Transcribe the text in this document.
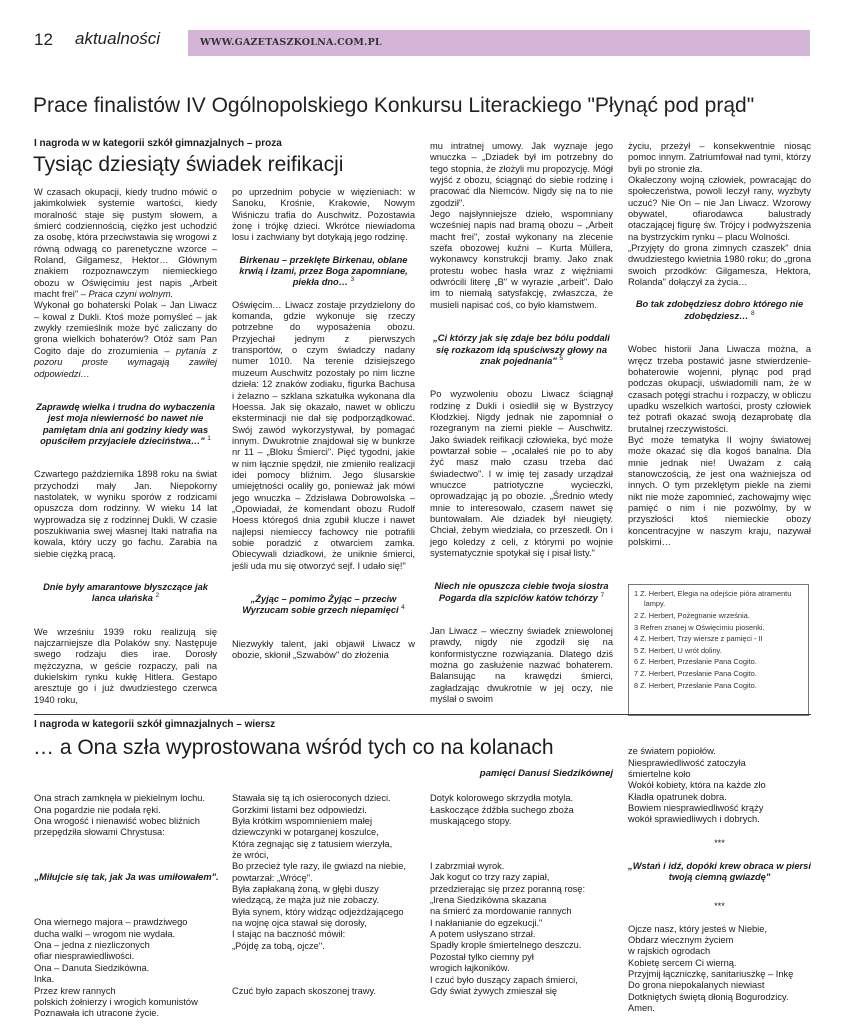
12 aktualności	WWW.GAZETASZKOLNA.COM.PL
Prace finalistów IV Ogólnopolskiego Konkursu Literackiego "Płynąć pod prąd"
I nagroda w w kategorii szkół gimnazjalnych – proza
Tysiąc dziesiąty świadek reifikacji

W czasach okupacji, kiedy trudno mówić o jakimkolwiek systemie wartości, kiedy moralność staje się pustym słowem, a śmierć codziennością, ciężko jest uchodzić za osobę, która przeciwstawia się wrogowi z równą odwagą co parenetyczne wzorce – Roland, Gilgamesz, Hektor… Głównym znakiem rozpoznawczym niemieckiego obozu w Oświęcimiu jest napis „Arbeit macht frei" – Praca czyni wolnym.

Wykonał go bohaterski Polak – Jan Liwacz – kowal z Dukli. Ktoś może pomyśleć – jak zwykły rzemieślnik może być zaliczany do grona wielkich bohaterów? Otóż sam Pan Cogito daje do zrozumienia – pytania z pozoru proste wymagają zawiłej odpowiedzi…

Zaprawdę wielka i trudna do wybaczenia jest moja niewierność bo nawet nie pamiętam dnia ani godziny kiedy was opuściłem przyjaciele dzieciństwa…" $^1$

Czwartego października 1898 roku na świat przychodzi mały Jan. Niepokorny nastolatek, w wyniku sporów z rodzicami opuszcza dom rodzinny. W wieku 14 lat wyprowadza się z rodzinnej Dukli. W czasie poszukiwania swej własnej Itaki natrafia na kowala, który uczy go fachu. Zarabia na siebie ciężką pracą.

Dnie były amarantowe błyszczące jak lanca ułańska $^2$

We wrześniu 1939 roku realizują się najczarniejsze dla Polaków sny. Następuje swego rodzaju dies irae. Dorosły mężczyzna, w geście rozpaczy, pali na dukielskim rynku kukłę Hitlera. Gestapo aresztuje go i już dwudziestego czerwca 1940 roku,

po uprzednim pobycie w więzieniach: w Sanoku, Krośnie, Krakowie, Nowym Wiśniczu trafia do Auschwitz. Pozostawia żonę i trójkę dzieci. Wkrótce niewiadoma losu i zachwiany byt dotykają jego rodzinę.

Birkenau – przeklęte Birkenau, oblane krwią i łzami, przez Boga zapomniane, piekła dno… $^3$

Oświęcim… Liwacz zostaje przydzielony do komanda, gdzie wykonuje się rzeczy potrzebne do wyposażenia obozu. Przyjechał jednym z pierwszych transportów, o czym świadczy nadany numer 1010. Na terenie dzisiejszego muzeum Auschwitz pozostały po nim liczne dzieła: 12 znaków zodiaku, figurka Bachusa i żelazno – szklana szkatułka wykonana dla Hoessa. Jak się okazało, nawet w obliczu eksterminacji nie dał się podporządkować. Swój zawód wykorzystywał, by pomagać innym. Dwukrotnie znajdował się w bunkrze nr 11 – „Bloku Śmierci". Pięć tygodni, jakie w nim łącznie spędził, nie zmieniło realizacji idei pomocy bliźnim. Jego ślusarskie umiejętności ocaliły go, ponieważ jak mówi jego wnuczka – Zdzisława Dobrowolska – „Opowiadał, że komendant obozu Rudolf Hoess któregoś dnia zgubił klucze i nawet najlepsi niemieccy fachowcy nie potrafili sobie poradzić z otwarciem zamka. Obiecywali dziadkowi, że uniknie śmierci, jeśli uda mu się otworzyć sejf. I udało się!"

„Żyjąc – pomimo Żyjąc – przeciw Wyrzucam sobie grzech niepamięci $^4$

Niezwykły talent, jaki objawił Liwacz w obozie, skłonił „Szwabów" do złożenia

mu intratnej umowy. Jak wyznaje jego wnuczka – „Dziadek był im potrzebny do tego stopnia, że złożyli mu propozycję. Mógł wyjść z obozu, ściągnąć do siebie rodzinę i pracować dla Niemców. Nigdy się na to nie zgodził".

Jego najsłynniejsze dzieło, wspomniany wcześniej napis nad bramą obozu – „Arbeit macht frei", został wykonany na zlecenie szefa obozowej kuźni – Kurta Müllera, wykonawcy konstrukcji bramy. Jako znak protestu wobec hasła wraz z więźniami odwrócili literę „B" w wyrazie „arbeit". Dało im to niemałą satysfakcję, zwłaszcza, że musieli napisać coś, co było kłamstwem.

„Ci którzy jak się zdaje bez bólu poddali się rozkazom idą spuściwszy głowy na znak pojednania" $^5$

Po wyzwoleniu obozu Liwacz ściągnął rodzinę z Dukli i osiedlił się w Bystrzycy Kłodzkiej. Nigdy jednak nie zapomniał o rozegranym na ziemi piekle – Auschwitz. Jako świadek reifikacji człowieka, być może powtarzał sobie – „ocalałeś nie po to aby żyć masz mało czasu trzeba dać świadectwo". I w imię tej zasady urządzał wnuczce patriotyczne wycieczki, oprowadzając ją po obozie. „Średnio wtedy mnie to interesowało, czasem nawet się buntowałam. Ale dziadek był nieugięty. Chciał, żebym wiedziała, co przeszedł. On i jego koledzy z celi, z którymi po wojnie systematycznie spotykał się i pisał listy."

Niech nie opuszcza ciebie twoja siostra Pogarda dla szpiclów katów tchórzy $^7$

Jan Liwacz – wieczny świadek zniewolonej prawdy, nigdy nie zgodził się na konformistyczne rozwiązania. Dlatego dziś można go zasłużenie nazwać bohaterem. Balansując na krawędzi śmierci, zagładzając dwukrotnie w jej oczy, nie myślał o swoim

życiu, przeżył – konsekwentnie niosąc pomoc innym. Zatriumfował nad tymi, którzy byli po stronie zła.

Okaleczony wojną człowiek, powracając do społeczeństwa, powoli leczył rany, wyzbyty uczuć? Nie On – nie Jan Liwacz. Wzorowy obywatel, ofiarodawca balustrady otaczającej figurę św. Trójcy i podwyższenia na bystrzyckim rynku – placu Wolności.

„Przyjęty do grona zimnych czaszek" dnia dwudziestego kwietnia 1980 roku; do „grona swoich przodków: Gilgamesza, Hektora, Rolanda" dołączył za życia…

Bo tak zdobędziesz dobro którego nie zdobędziesz… $^8$

Wobec historii Jana Liwacza można, a wręcz trzeba postawić jasne stwierdzenie- bohaterowie wojenni, płynąc pod prąd podczas okupacji, uświadomili nam, że w czasach potęgi strachu i rozpaczy, w obliczu upadku wszelkich wartości, prosty człowiek też potrafi okazać swoją dezaprobatę dla brutalnej rzeczywistości.

Być może tematyka II wojny światowej może okazać się dla kogoś banalna. Dla mnie jednak nie! Uważam z całą stanowczością, że jest ona ważniejsza od innych. O tym przeklętym piekle na ziemi nikt nie może zapomnieć, zachowajmy więc pamięć o nim i nie pozwólmy, by w przyszłości ktoś niemieckie obozy koncentracyjne w naszym kraju, nazywał polskimi…

1 Z. Herbert, Elegia na odejście pióra atramentu lampy.
2 Z. Herbert, Pożegnanie września.
3 Refren znanej w Oświęcimiu piosenki.
4 Z. Herbert, Trzy wiersze z pamięci - II
5 Z. Herbert, U wrót doliny.
6 Z. Herbert, Przesłanie Pana Cogito.
7 Z. Herbert, Przesłanie Pana Cogito.
8 Z. Herbert, Przesłanie Pana Cogito.
I nagroda w kategorii szkół gimnazjalnych – wiersz
… a Ona szła wyprostowana wśród tych co na kolanach
pamięci Danusi Siedzikównej

Ona strach zamknęła w piekielnym lochu.
Ona pogardzie nie podała ręki.
Ona wrogość i nienawiść wobec bliźnich
przepędziła słowami Chrystusa:

„Miłujcie się tak, jak Ja was umiłowałem".

Ona wiernego majora – prawdziwego
ducha walki – wrogom nie wydała.
Ona – jedna z niezliczonych
ofiar niesprawiedliwości.
Ona – Danuta Siedzikówna.
Inka.
Przez krew rannych
polskich żołnierzy i wrogich komunistów
Poznawała ich utracone życie.

Stawała się tą ich osieroconych dzieci.
Gorzkimi listami bez odpowiedzi.
Była krótkim wspomnieniem małej
dziewczynki w potarganej koszulce,
Która zegnając się z tatusiem wierzyła,
że wróci,
Bo przecież tyle razy, ile gwiazd na niebie,
powtarzał: „Wrócę".
Była zapłakaną żoną, w głębi duszy
wiedzącą, że mąża już nie zobaczy.
Była synem, który widząc odjeżdżającego
na wojnę ojca stawał się dorosły,
I stając na baczność mówił:
„Pójdę za tobą, ojcze".

Czuć było zapach skoszonej trawy.

Dotyk kolorowego skrzydła motyla.
Łaskoczące źdźbła suchego zboża
muskającego stopy.

I zabrzmiał wyrok.
Jak kogut co trzy razy zapiał,
przedzierając się przez poranną rosę:
„Irena Siedzikówna skazana
na śmierć za mordowanie rannych
I nakłanianie do egzekucji."
A potem usłyszano strzał.
Spadły krople śmiertelnego deszczu.
Pozostał tylko ciemny pył
wrogich łajkoników.
I czuć było duszący zapach śmierci,
Gdy świat żywych zmieszał się

ze światem popiołów.
Niesprawiedliwość zatoczyła
śmiertelne koło
Wokół kobiety, która na każde zło
Kładła opatrunek dobra.
Bowiem niesprawiedliwość krąży
wokół sprawiedliwych i dobrych.

***

„Wstań i idź, dopóki krew obraca w piersi twoją ciemną gwiazdę"

***

Ojcze nasz, który jesteś w Niebie,
Obdarz wiecznym życiem
w rajskich ogrodach
Kobietę sercem Ci wierną.
Przyjmij łączniczkę, sanitariuszkę – Inkę
Do grona niepokalanych niewiast
Dotkniętych świętą dłonią Bogurodzicy.
Amen.
